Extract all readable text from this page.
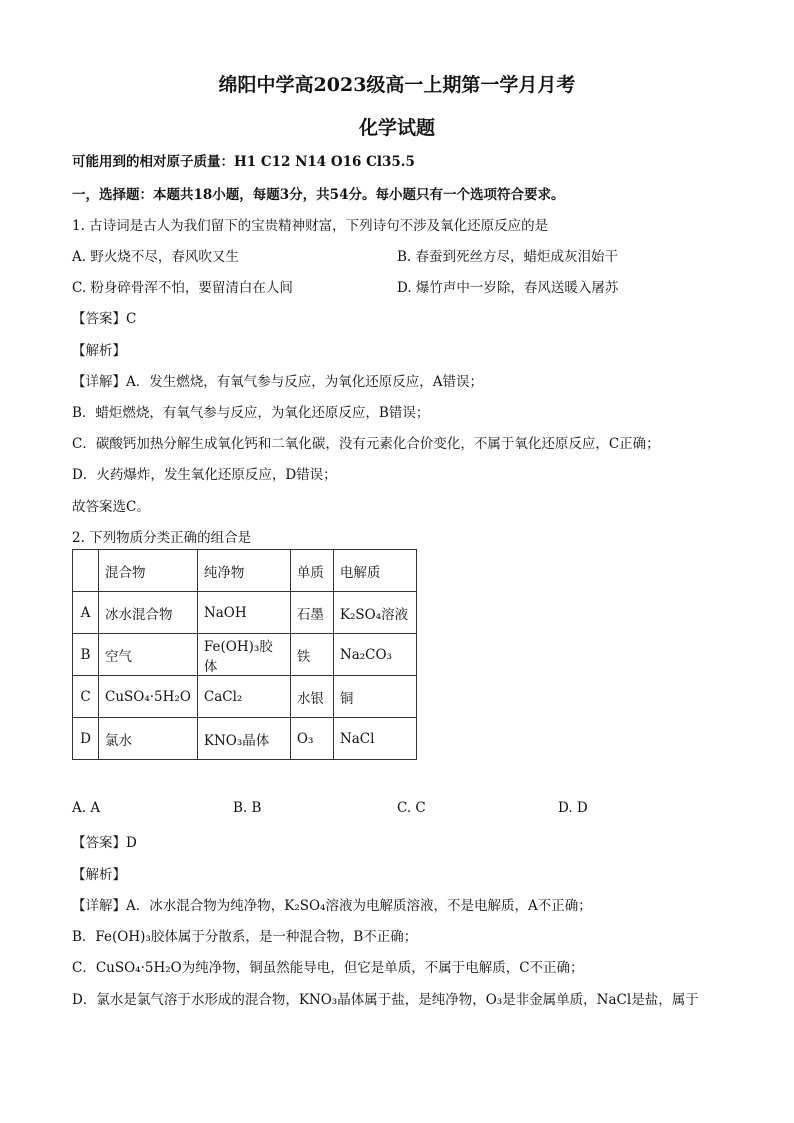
绵阳中学高2023级高一上期第一学月月考
化学试题
可能用到的相对原子质量：H1 C12 N14 O16 Cl35.5
一，选择题：本题共18小题，每题3分，共54分。每小题只有一个选项符合要求。
1. 古诗词是古人为我们留下的宝贵精神财富，下列诗句不涉及氧化还原反应的是
A. 野火烧不尽，春风吹又生	B. 春蚕到死丝方尽，蜡炬成灰泪始干
C. 粉身碎骨浑不怕，要留清白在人间	D. 爆竹声中一岁除，春风送暖入屠苏
【答案】C
【解析】
【详解】A．发生燃烧，有氧气参与反应，为氧化还原反应，A错误；
B．蜡炬燃烧，有氧气参与反应，为氧化还原反应，B错误；
C．碳酸钙加热分解生成氧化钙和二氧化碳，没有元素化合价变化，不属于氧化还原反应，C正确；
D．火药爆炸，发生氧化还原反应，D错误；
故答案选C。
2. 下列物质分类正确的组合是
	混合物	纯净物	单质	电解质
A	冰水混合物	NaOH	石墨	K₂SO₄溶液
B	空气	Fe(OH)₃胶体	铁	Na₂CO₃
C	CuSO₄·5H₂O	CaCl₂	水银	铜
D	氯水	KNO₃晶体	O₃	NaCl
A. A	B. B	C. C	D. D
【答案】D
【解析】
【详解】A．冰水混合物为纯净物，K₂SO₄溶液为电解质溶液，不是电解质，A不正确；
B．Fe(OH)₃胶体属于分散系，是一种混合物，B不正确；
C．CuSO₄·5H₂O为纯净物，铜虽然能导电，但它是单质，不属于电解质，C不正确；
D．氯水是氯气溶于水形成的混合物，KNO₃晶体属于盐，是纯净物，O₃是非金属单质，NaCl是盐，属于
